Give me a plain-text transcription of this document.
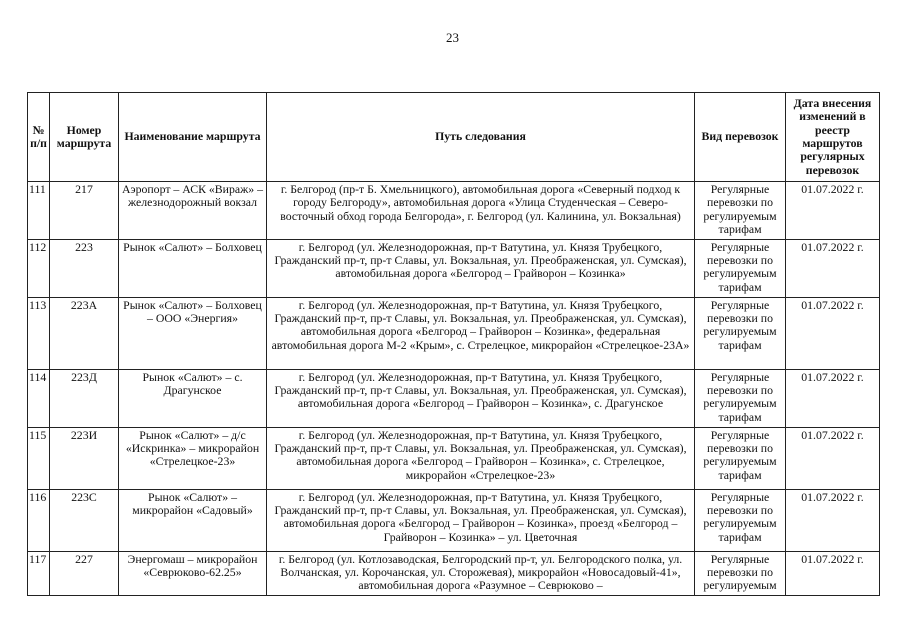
23
№ п/п	Номер маршрута	Наименование маршрута	Путь следования	Вид перевозок	Дата внесения изменений в реестр маршрутов регулярных перевозок
111	217	Аэропорт – АСК «Вираж» – железнодорожный вокзал	г. Белгород (пр-т Б. Хмельницкого), автомобильная дорога «Северный подход к городу Белгороду», автомобильная дорога «Улица Студенческая – Северо-восточный обход города Белгорода», г. Белгород (ул. Калинина, ул. Вокзальная)	Регулярные перевозки по регулируемым тарифам	01.07.2022 г.
112	223	Рынок «Салют» – Болховец	г. Белгород (ул. Железнодорожная, пр-т Ватутина, ул. Князя Трубецкого, Гражданский пр-т, пр-т Славы, ул. Вокзальная, ул. Преображенская, ул. Сумская), автомобильная дорога «Белгород – Грайворон – Козинка»	Регулярные перевозки по регулируемым тарифам	01.07.2022 г.
113	223А	Рынок «Салют» – Болховец – ООО «Энергия»	г. Белгород (ул. Железнодорожная, пр-т Ватутина, ул. Князя Трубецкого, Гражданский пр-т, пр-т Славы, ул. Вокзальная, ул. Преображенская, ул. Сумская), автомобильная дорога «Белгород – Грайворон – Козинка», федеральная автомобильная дорога М-2 «Крым», с. Стрелецкое, микрорайон «Стрелецкое-23А»	Регулярные перевозки по регулируемым тарифам	01.07.2022 г.
114	223Д	Рынок «Салют» – с. Драгунское	г. Белгород (ул. Железнодорожная, пр-т Ватутина, ул. Князя Трубецкого, Гражданский пр-т, пр-т Славы, ул. Вокзальная, ул. Преображенская, ул. Сумская), автомобильная дорога «Белгород – Грайворон – Козинка», с. Драгунское	Регулярные перевозки по регулируемым тарифам	01.07.2022 г.
115	223И	Рынок «Салют» – д/с «Искринка» – микрорайон «Стрелецкое-23»	г. Белгород (ул. Железнодорожная, пр-т Ватутина, ул. Князя Трубецкого, Гражданский пр-т, пр-т Славы, ул. Вокзальная, ул. Преображенская, ул. Сумская), автомобильная дорога «Белгород – Грайворон – Козинка», с. Стрелецкое, микрорайон «Стрелецкое-23»	Регулярные перевозки по регулируемым тарифам	01.07.2022 г.
116	223С	Рынок «Салют» – микрорайон «Садовый»	г. Белгород (ул. Железнодорожная, пр-т Ватутина, ул. Князя Трубецкого, Гражданский пр-т, пр-т Славы, ул. Вокзальная, ул. Преображенская, ул. Сумская), автомобильная дорога «Белгород – Грайворон – Козинка», проезд «Белгород – Грайворон – Козинка» – ул. Цветочная	Регулярные перевозки по регулируемым тарифам	01.07.2022 г.
117	227	Энергомаш – микрорайон «Севрюково-62.25»	г. Белгород (ул. Котлозаводская, Белгородский пр-т, ул. Белгородского полка, ул. Волчанская, ул. Корочанская, ул. Сторожевая), микрорайон «Новосадовый-41», автомобильная дорога «Разумное – Севрюково –	Регулярные перевозки по регулируемым	01.07.2022 г.
